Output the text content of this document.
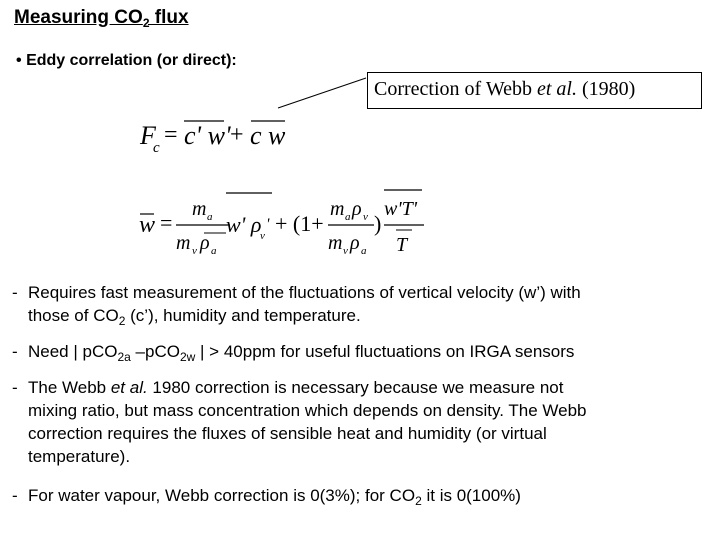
Measuring $CO_2$ flux
• Eddy correlation (or direct):
Correction of Webb et al. (1980)
F
c = c' w' + c w
w =
m a
m v ρ a
w' ρ
v
' + (1+
m a ρ v
m v ρ a
)
w'T'
T
- Requires fast measurement of the fluctuations of vertical velocity (w’) with
those of $CO_2$ (c’), humidity and temperature.
- Need | pCO$_{2a}$ –pCO$_{2w}$ | > 40ppm for useful fluctuations on IRGA sensors
- The Webb et al. 1980 correction is necessary because we measure not
mixing ratio, but mass concentration which depends on density. The Webb
correction requires the fluxes of sensible heat and humidity (or virtual
temperature).
- For water vapour, Webb correction is 0(3%); for $CO_2$ it is 0(100%)
